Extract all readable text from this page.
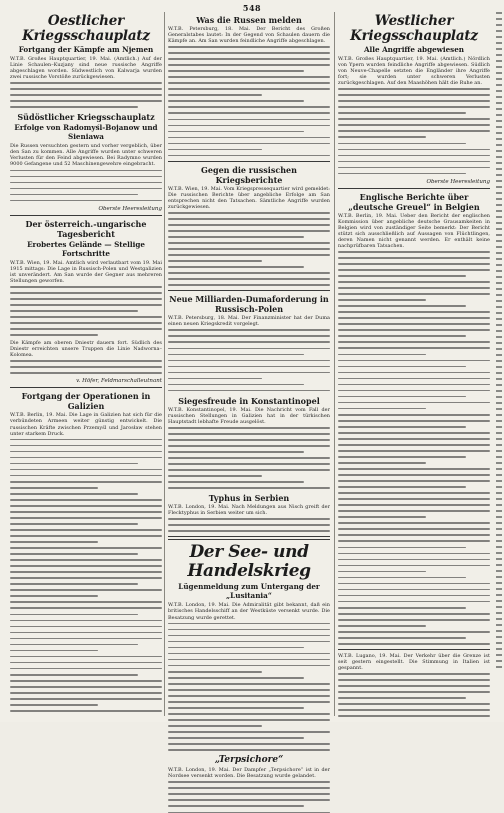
548
Oestlicher Kriegsschauplatz
Fortgang der Kämpfe am Njemen

W.T.B. Großes Hauptquartier, 19. Mai. (Amtlich.) Auf der Linie Schaulen–Kuzjany sind neue russische Angriffe abgeschlagen worden. Südwestlich von Kalwarja wurden zwei russische Vorstöße zurückgewiesen.

Südöstlicher Kriegsschauplatz
Erfolge von Radomyśl-Bojanow und Sieniawa

Die Russen versuchten gestern und vorher vergeblich, über den San zu kommen. Alle Angriffe wurden unter schweren Verlusten für den Feind abgewiesen. Bei Radymno wurden 9000 Gefangene und 52 Maschinengewehre eingebracht.

Oberste Heeresleitung
Der österreich.-ungarische Tagesbericht
Erobertes Gelände — Stellige Fortschritte

W.T.B. Wien, 19. Mai. Amtlich wird verlautbart vom 19. Mai 1915 mittags: Die Lage in Russisch-Polen und Westgalizien ist unverändert. Am San wurde der Gegner aus mehreren Stellungen geworfen.

Die Kämpfe am oberen Dniestr dauern fort. Südlich des Dniestr erreichten unsere Truppen die Linie Nadworna–Kolomea.

v. Höfer, Feldmarschalleutnant
Fortgang der Operationen in Galizien

W.T.B. Berlin, 19. Mai. Die Lage in Galizien hat sich für die verbündeten Armeen weiter günstig entwickelt. Die russischen Kräfte zwischen Przemyśl und Jarosław stehen unter starkem Druck.

Was die Russen melden

W.T.B. Petersburg, 18. Mai. Der Bericht des Großen Generalstabes lautet: In der Gegend von Schaulen dauern die Kämpfe an. Am San wurden feindliche Angriffe abgeschlagen.

Gegen die russischen Kriegsberichte

W.T.B. Wien, 19. Mai. Vom Kriegspressequartier wird gemeldet: Die russischen Berichte über angebliche Erfolge am San entsprechen nicht den Tatsachen. Sämtliche Angriffe wurden zurückgewiesen.

Neue Milliarden-Dumaforderung in Russisch-Polen

W.T.B. Petersburg, 18. Mai. Der Finanzminister hat der Duma einen neuen Kriegskredit vorgelegt.

Siegesfreude in Konstantinopel

W.T.B. Konstantinopel, 19. Mai. Die Nachricht vom Fall der russischen Stellungen in Galizien hat in der türkischen Hauptstadt lebhafte Freude ausgelöst.

Typhus in Serbien

W.T.B. London, 19. Mai. Nach Meldungen aus Nisch greift der Flecktyphus in Serbien weiter um sich.

Der See- und Handelskrieg
Lügenmeldung zum Untergang der „Lusitania“

W.T.B. London, 19. Mai. Die Admiralität gibt bekannt, daß ein britisches Handelsschiff an der Westküste versenkt wurde. Die Besatzung wurde gerettet.

„Terpsichore“

W.T.B. London, 19. Mai. Der Dampfer „Terpsichore“ ist in der Nordsee versenkt worden. Die Besatzung wurde gelandet.

Westlicher Kriegsschauplatz
Alle Angriffe abgewiesen

W.T.B. Großes Hauptquartier, 19. Mai. (Amtlich.) Nördlich von Ypern wurden feindliche Angriffe abgewiesen. Südlich von Neuve-Chapelle setzten die Engländer ihre Angriffe fort; sie wurden unter schweren Verlusten zurückgeschlagen. Auf den Maashöhen hält die Ruhe an.

Oberste Heeresleitung
Englische Berichte über „deutsche Greuel“ in Belgien

W.T.B. Berlin, 19. Mai. Ueber den Bericht der englischen Kommission über angebliche deutsche Grausamkeiten in Belgien wird von zuständiger Seite bemerkt: Der Bericht stützt sich ausschließlich auf Aussagen von Flüchtlingen, deren Namen nicht genannt werden. Er enthält keine nachprüfbaren Tatsachen.

W.T.B. Lugano, 19. Mai. Der Verkehr über die Grenze ist seit gestern eingestellt. Die Stimmung in Italien ist gespannt.
